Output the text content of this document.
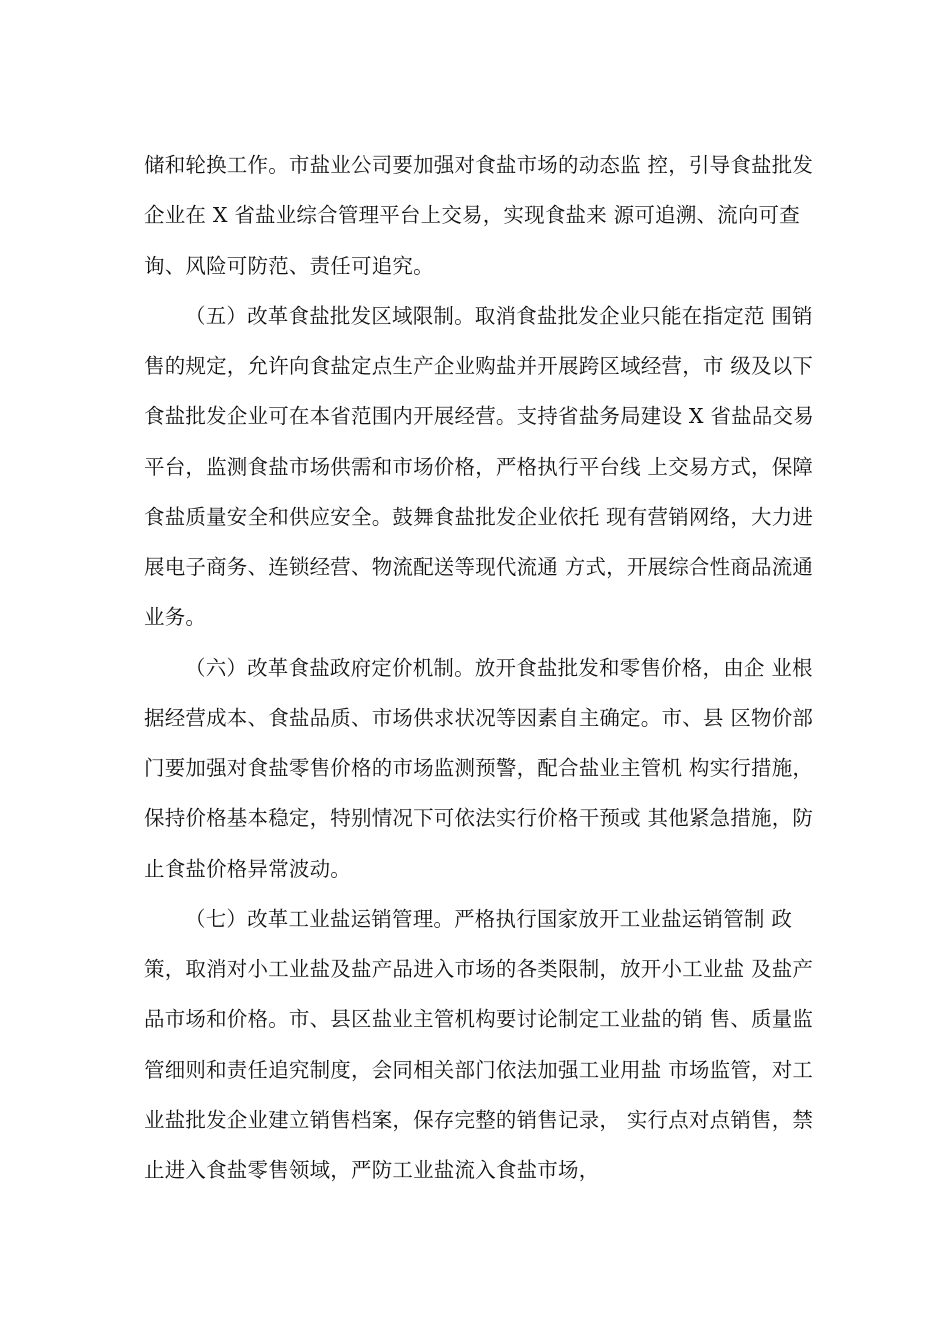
储和轮换工作。市盐业公司要加强对食盐市场的动态监 控，引导食盐批发
企业在 X 省盐业综合管理平台上交易，实现食盐来 源可追溯、流向可查
询、风险可防范、责任可追究。
（五）改革食盐批发区域限制。取消食盐批发企业只能在指定范 围销
售的规定，允许向食盐定点生产企业购盐并开展跨区域经营，市 级及以下
食盐批发企业可在本省范围内开展经营。支持省盐务局建设 X 省盐品交易
平台，监测食盐市场供需和市场价格，严格执行平台线 上交易方式，保障
食盐质量安全和供应安全。鼓舞食盐批发企业依托 现有营销网络，大力进
展电子商务、连锁经营、物流配送等现代流通 方式，开展综合性商品流通
业务。
（六）改革食盐政府定价机制。放开食盐批发和零售价格，由企 业根
据经营成本、食盐品质、市场供求状况等因素自主确定。市、县 区物价部
门要加强对食盐零售价格的市场监测预警，配合盐业主管机 构实行措施，
保持价格基本稳定，特别情况下可依法实行价格干预或 其他紧急措施，防
止食盐价格异常波动。
（七）改革工业盐运销管理。严格执行国家放开工业盐运销管制 政
策，取消对小工业盐及盐产品进入市场的各类限制，放开小工业盐 及盐产
品市场和价格。市、县区盐业主管机构要讨论制定工业盐的销 售、质量监
管细则和责任追究制度，会同相关部门依法加强工业用盐 市场监管，对工
业盐批发企业建立销售档案，保存完整的销售记录， 实行点对点销售，禁
止进入食盐零售领域，严防工业盐流入食盐市场，
